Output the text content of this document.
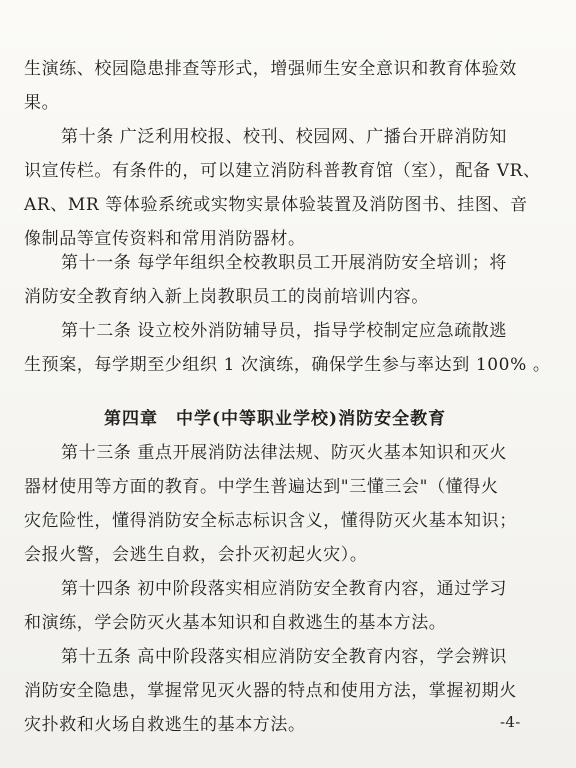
生演练、校园隐患排查等形式，增强师生安全意识和教育体验效
果。
第十条 广泛利用校报、校刊、校园网、广播台开辟消防知
识宣传栏。有条件的，可以建立消防科普教育馆（室），配备 VR、
AR、MR 等体验系统或实物实景体验装置及消防图书、挂图、音
像制品等宣传资料和常用消防器材。
第十一条 每学年组织全校教职员工开展消防安全培训；将
消防安全教育纳入新上岗教职员工的岗前培训内容。
第十二条 设立校外消防辅导员，指导学校制定应急疏散逃
生预案，每学期至少组织 1 次演练，确保学生参与率达到 100% 。
第四章　中学(中等职业学校)消防安全教育
第十三条 重点开展消防法律法规、防灭火基本知识和灭火
器材使用等方面的教育。中学生普遍达到"三懂三会"（懂得火
灾危险性，懂得消防安全标志标识含义，懂得防灭火基本知识；
会报火警，会逃生自救，会扑灭初起火灾）。
第十四条 初中阶段落实相应消防安全教育内容，通过学习
和演练，学会防灭火基本知识和自救逃生的基本方法。
第十五条 高中阶段落实相应消防安全教育内容，学会辨识
消防安全隐患，掌握常见灭火器的特点和使用方法，掌握初期火
灾扑救和火场自救逃生的基本方法。	-4-
